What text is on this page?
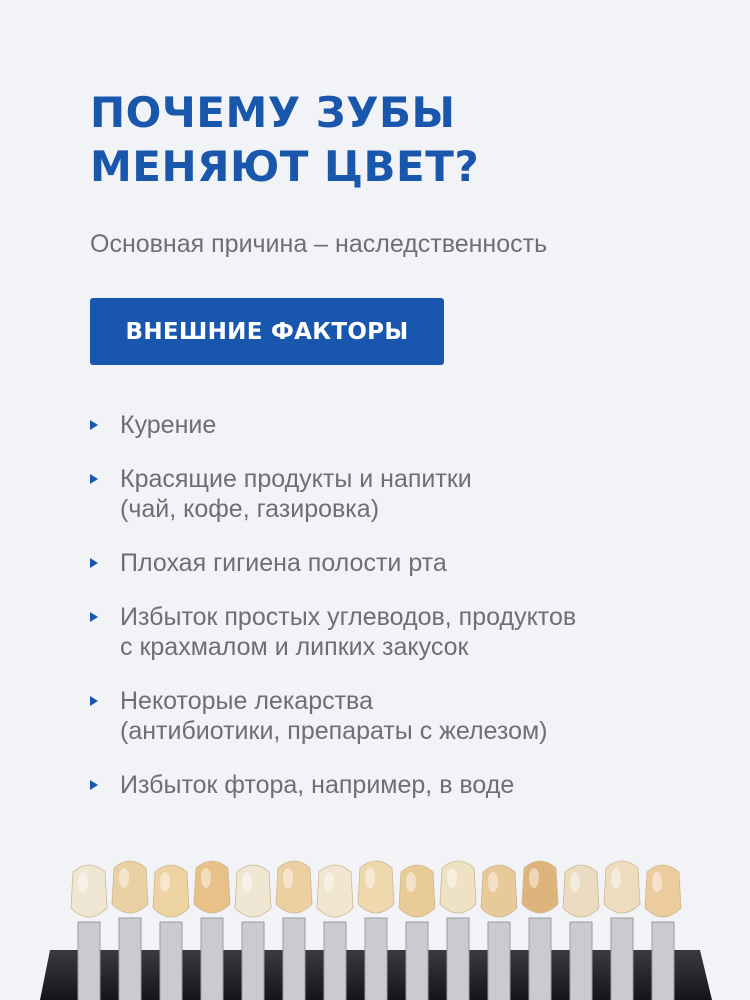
ПОЧЕМУ ЗУБЫ
МЕНЯЮТ ЦВЕТ?
Основная причина – наследственность
ВНЕШНИЕ ФАКТОРЫ
Курение
Красящие продукты и напитки
(чай, кофе, газировка)
Плохая гигиена полости рта
Избыток простых углеводов, продуктов
с крахмалом и липких закусок
Некоторые лекарства
(антибиотики, препараты с железом)
Избыток фтора, например, в воде
